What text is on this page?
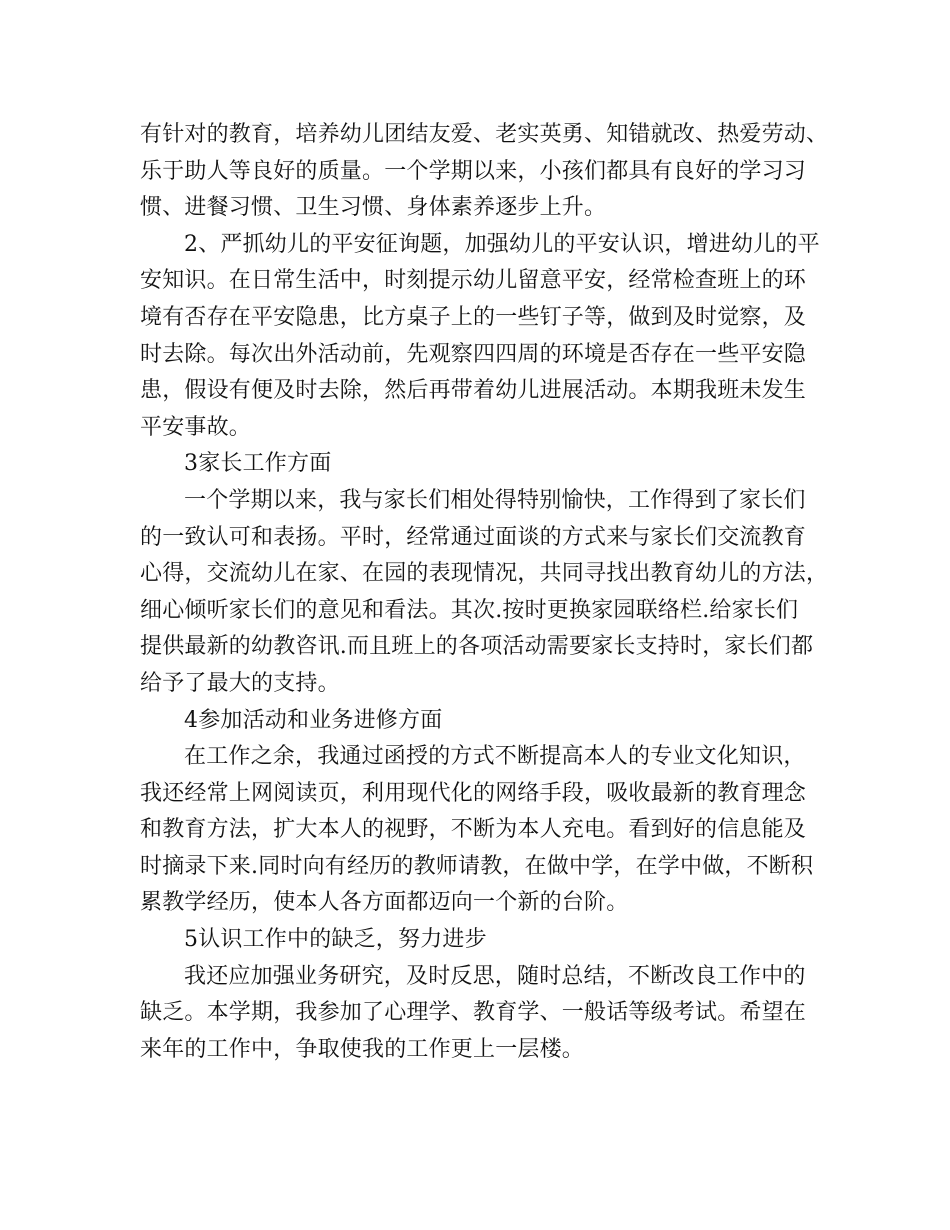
有针对的教育，培养幼儿团结友爱、老实英勇、知错就改、热爱劳动、
乐于助人等良好的质量。一个学期以来，小孩们都具有良好的学习习
惯、进餐习惯、卫生习惯、身体素养逐步上升。
2、严抓幼儿的平安征询题，加强幼儿的平安认识，增进幼儿的平
安知识。在日常生活中，时刻提示幼儿留意平安，经常检查班上的环
境有否存在平安隐患，比方桌子上的一些钉子等，做到及时觉察，及
时去除。每次出外活动前，先观察四四周的环境是否存在一些平安隐
患，假设有便及时去除，然后再带着幼儿进展活动。本期我班未发生
平安事故。
3家长工作方面
一个学期以来，我与家长们相处得特别愉快，工作得到了家长们
的一致认可和表扬。平时，经常通过面谈的方式来与家长们交流教育
心得，交流幼儿在家、在园的表现情况，共同寻找出教育幼儿的方法，
细心倾听家长们的意见和看法。其次.按时更换家园联络栏.给家长们
提供最新的幼教咨讯.而且班上的各项活动需要家长支持时，家长们都
给予了最大的支持。
4参加活动和业务进修方面
在工作之余，我通过函授的方式不断提高本人的专业文化知识，
我还经常上网阅读页，利用现代化的网络手段，吸收最新的教育理念
和教育方法，扩大本人的视野，不断为本人充电。看到好的信息能及
时摘录下来.同时向有经历的教师请教，在做中学，在学中做，不断积
累教学经历，使本人各方面都迈向一个新的台阶。
5认识工作中的缺乏，努力进步
我还应加强业务研究，及时反思，随时总结，不断改良工作中的
缺乏。本学期，我参加了心理学、教育学、一般话等级考试。希望在
来年的工作中，争取使我的工作更上一层楼。
